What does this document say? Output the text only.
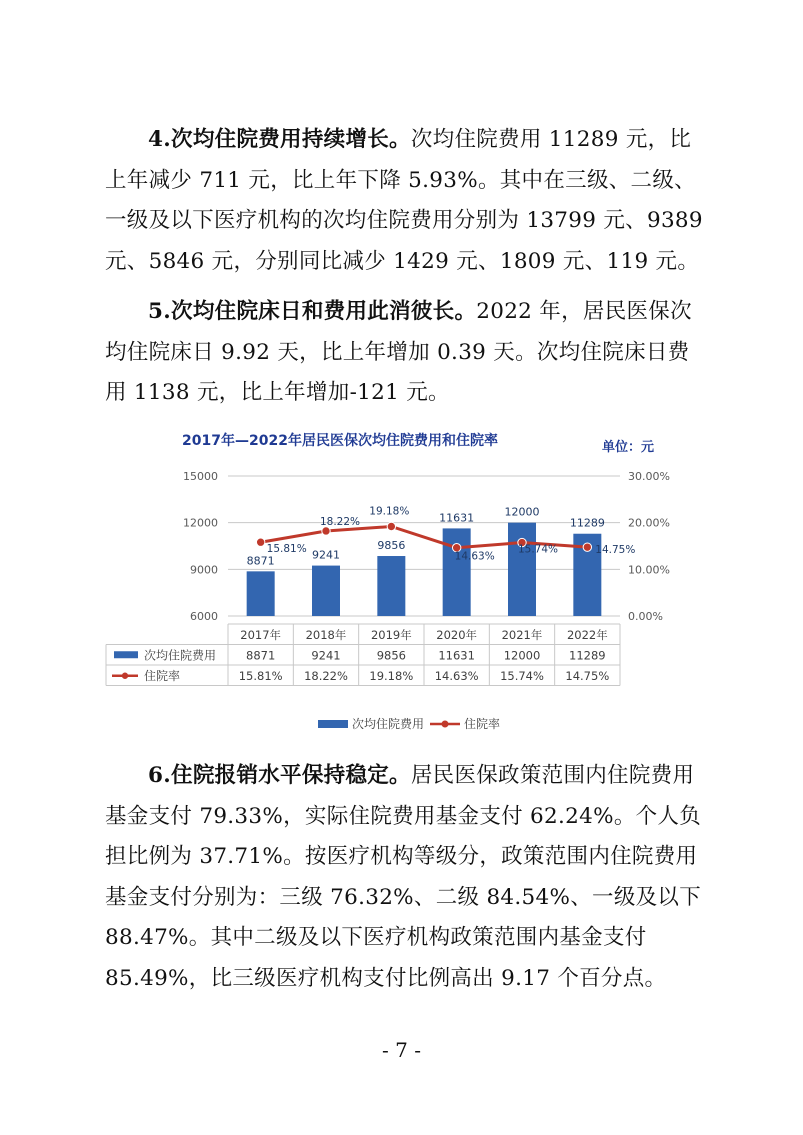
4.次均住院费用持续增长。次均住院费用 11289 元，比上年减少 711 元，比上年下降 5.93%。其中在三级、二级、一级及以下医疗机构的次均住院费用分别为 13799 元、9389 元、5846 元，分别同比减少 1429 元、1809 元、119 元。

5.次均住院床日和费用此消彼长。2022 年，居民医保次均住院床日 9.92 天，比上年增加 0.39 天。次均住院床日费用 1138 元，比上年增加-121 元。

2017年—2022年居民医保次均住院费用和住院率	单位：元
15000
12000
9000
6000
30.00%
20.00%
10.00%
0.00%
8871	9241
9856
11631	12000
11289
15.81%
18.22%
19.18%
14.63%
15.74%	14.75%
2017年 2018年 2019年 2020年 2021年 2022年
次均住院费用	8871	9241	9856	11631 12000 11289
住院率	15.81% 18.22% 19.18% 14.63% 15.74% 14.75%
次均住院费用	住院率

6.住院报销水平保持稳定。居民医保政策范围内住院费用基金支付 79.33%，实际住院费用基金支付 62.24%。个人负担比例为 37.71%。按医疗机构等级分，政策范围内住院费用基金支付分别为：三级 76.32%、二级 84.54%、一级及以下 88.47%。其中二级及以下医疗机构政策范围内基金支付 85.49%，比三级医疗机构支付比例高出 9.17 个百分点。

- 7 -
